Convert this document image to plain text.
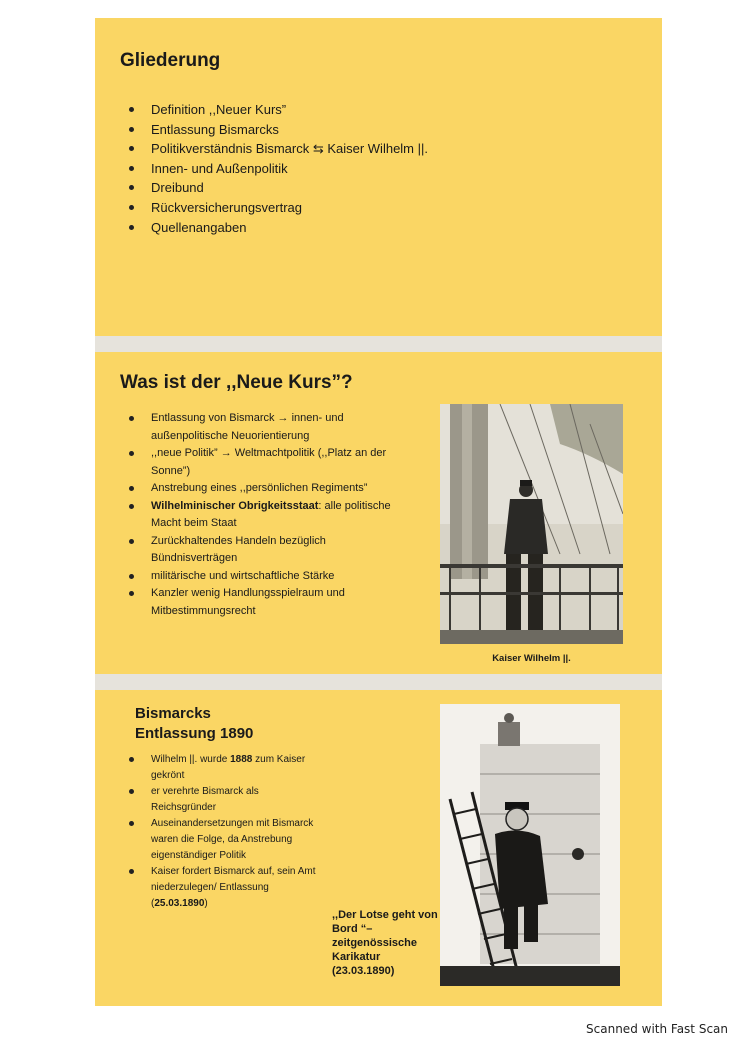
Gliederung
Definition ,,Neuer Kurs”
Entlassung Bismarcks
Politikverständnis Bismarck ⇆ Kaiser Wilhelm ||.
Innen- und Außenpolitik
Dreibund
Rückversicherungsvertrag
Quellenangaben
Was ist der ,,Neue Kurs”?
Entlassung von Bismarck → innen- und außenpolitische Neuorientierung
,,neue Politik” → Weltmachtpolitik (,,Platz an der Sonne”)
Anstrebung eines ,,persönlichen Regiments”
Wilhelminischer Obrigkeitsstaat: alle politische Macht beim Staat
Zurückhaltendes Handeln bezüglich Bündnisverträgen
militärische und wirtschaftliche Stärke
Kanzler wenig Handlungsspielraum und Mitbestimmungsrecht

Kaiser Wilhelm ||.

Bismarcks Entlassung 1890
Wilhelm ||. wurde 1888 zum Kaiser gekrönt
er verehrte Bismarck als Reichsgründer
Auseinandersetzungen mit Bismarck waren die Folge, da Anstrebung eigenständiger Politik
Kaiser fordert Bismarck auf, sein Amt niederzulegen/ Entlassung (25.03.1890)

,,Der Lotse geht von Bord “– zeitgenössische Karikatur (23.03.1890)

Scanned with Fast Scan
